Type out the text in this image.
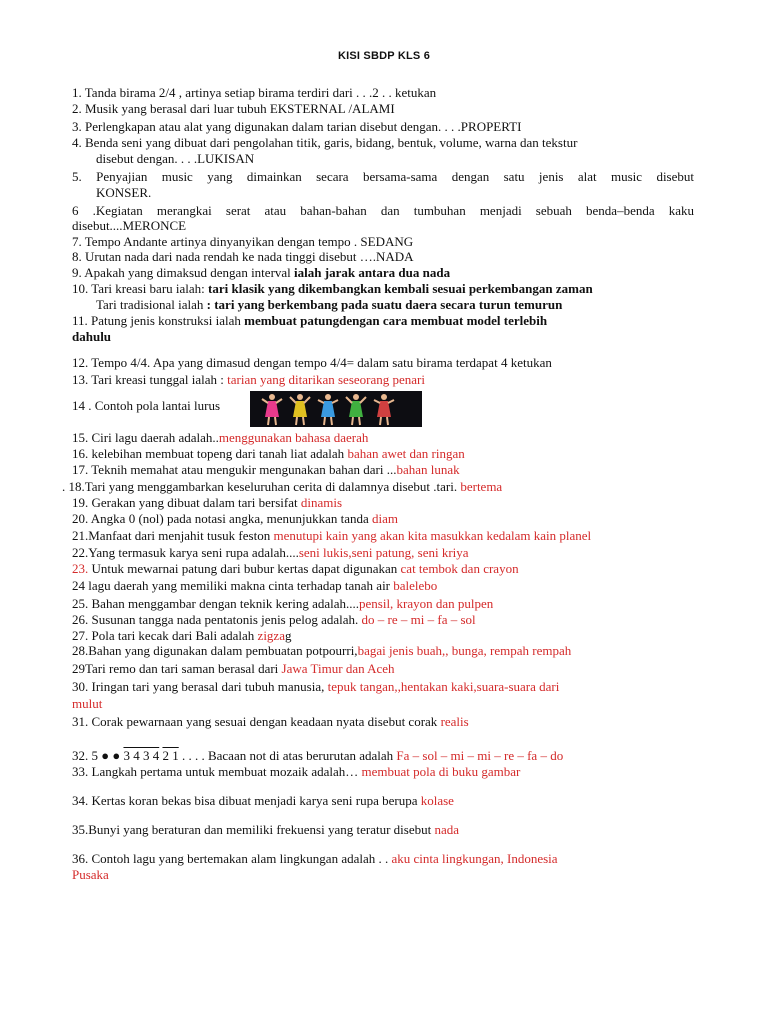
KISI SBDP KLS 6
1. Tanda birama 2/4 , artinya setiap birama terdiri dari . . .2 . . ketukan
2. Musik yang berasal dari luar tubuh EKSTERNAL /ALAMI
3. Perlengkapan atau alat yang digunakan dalam tarian disebut dengan. . . .PROPERTI
4. Benda seni yang dibuat dari pengolahan titik, garis, bidang, bentuk, volume, warna dan tekstur
disebut dengan. . . .LUKISAN
5. Penyajian music yang dimainkan secara bersama-sama dengan satu jenis alat music disebut
KONSER.
6 .Kegiatan merangkai serat atau bahan-bahan dan tumbuhan menjadi sebuah benda–benda kaku
disebut....MERONCE
7. Tempo Andante artinya dinyanyikan dengan tempo . SEDANG
8. Urutan nada dari nada rendah ke nada tinggi disebut ….NADA
9. Apakah yang dimaksud dengan interval ialah jarak antara dua nada
10. Tari kreasi baru ialah: tari klasik yang dikembangkan kembali sesuai perkembangan zaman
Tari tradisional ialah : tari yang berkembang pada suatu daera secara turun temurun
11. Patung jenis konstruksi ialah membuat patungdengan cara membuat model terlebih
dahulu
12. Tempo 4/4. Apa yang dimasud dengan tempo 4/4= dalam satu birama terdapat 4 ketukan
13. Tari kreasi tunggal ialah : tarian yang ditarikan seseorang penari
14 . Contoh pola lantai lurus
15. Ciri lagu daerah adalah..menggunakan bahasa daerah
16. kelebihan membuat topeng dari tanah liat adalah bahan awet dan ringan
17. Teknih memahat atau mengukir mengunakan bahan dari ...bahan lunak
. 18.Tari yang menggambarkan keseluruhan cerita di dalamnya disebut .tari. bertema
19. Gerakan yang dibuat dalam tari bersifat dinamis
20. Angka 0 (nol) pada notasi angka, menunjukkan tanda diam
21.Manfaat dari menjahit tusuk feston menutupi kain yang akan kita masukkan kedalam kain planel
22.Yang termasuk karya seni rupa adalah....seni lukis,seni patung, seni kriya
23. Untuk mewarnai patung dari bubur kertas dapat digunakan cat tembok dan crayon
24 lagu daerah yang memiliki makna cinta terhadap tanah air balelebo
25. Bahan menggambar dengan teknik kering adalah....pensil, krayon dan pulpen
26. Susunan tangga nada pentatonis jenis pelog adalah. do – re – mi – fa – sol
27. Pola tari kecak dari Bali adalah zigzag
28.Bahan yang digunakan dalam pembuatan potpourri,bagai jenis buah,, bunga, rempah rempah
29Tari remo dan tari saman berasal dari Jawa Timur dan Aceh
30. Iringan tari yang berasal dari tubuh manusia, tepuk tangan,,hentakan kaki,suara-suara dari
mulut
31. Corak pewarnaan yang sesuai dengan keadaan nyata disebut corak realis
32. 5 ● ● 3 4 3 4 2 1 . . . . Bacaan not di atas berurutan adalah Fa – sol – mi – mi – re – fa – do
33. Langkah pertama untuk membuat mozaik adalah… membuat pola di buku gambar
34. Kertas koran bekas bisa dibuat menjadi karya seni rupa berupa kolase
35.Bunyi yang beraturan dan memiliki frekuensi yang teratur disebut nada
36. Contoh lagu yang bertemakan alam lingkungan adalah . . aku cinta lingkungan, Indonesia
Pusaka
